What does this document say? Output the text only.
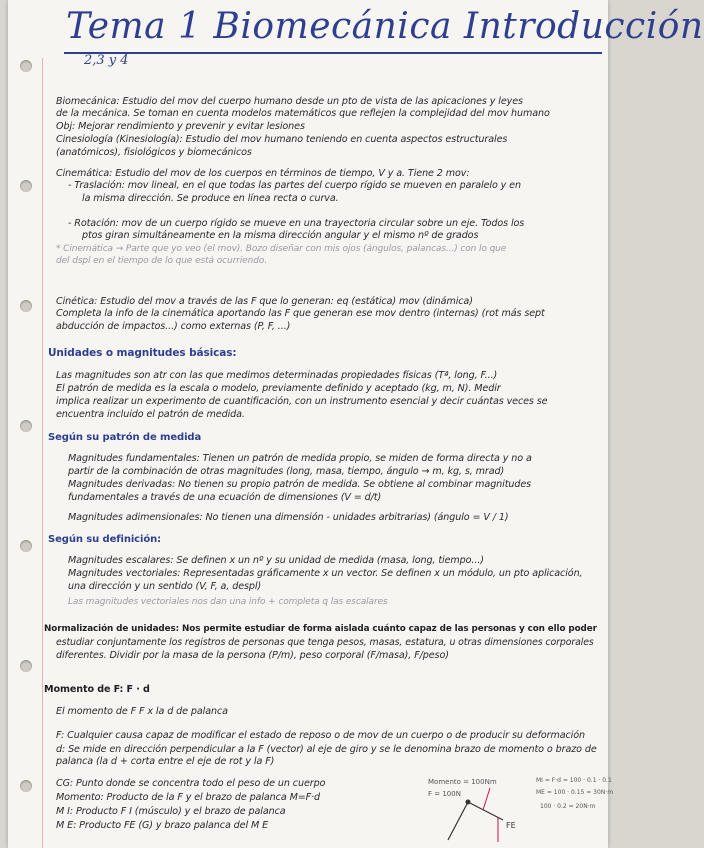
Tema 1 Biomecánica Introducción
2,3 y 4
Biomecánica: Estudio del mov del cuerpo humano desde un pto de vista de las apicaciones y leyes
de la mecánica. Se toman en cuenta modelos matemáticos que reflejen la complejidad del mov humano
Obj: Mejorar rendimiento y prevenir y evitar lesiones
Cinesiología (Kinesiología): Estudio del mov humano teniendo en cuenta aspectos estructurales
(anatómicos), fisiológicos y biomecánicos
Cinemática: Estudio del mov de los cuerpos en términos de tiempo, V y a. Tiene 2 mov:
- Traslación: mov lineal, en el que todas las partes del cuerpo rígido se mueven en paralelo y en
la misma dirección. Se produce en línea recta o curva.
- Rotación: mov de un cuerpo rígido se mueve en una trayectoria circular sobre un eje. Todos los
ptos giran simultáneamente en la misma dirección angular y el mismo nº de grados
* Cinemática → Parte que yo veo (el mov). Bozo diseñar con mis ojos (ángulos, palancas...) con lo que
del dspl en el tiempo de lo que está ocurriendo.
Cinética: Estudio del mov a través de las F que lo generan: eq (estática) mov (dinámica)
Completa la info de la cinemática aportando las F que generan ese mov dentro (internas) (rot más sept
abducción de impactos...) como externas (P, F, ...)
Unidades o magnitudes básicas:
Las magnitudes son atr con las que medimos determinadas propiedades físicas (Tª, long, F...)
El patrón de medida es la escala o modelo, previamente definido y aceptado (kg, m, N). Medir
implica realizar un experimento de cuantificación, con un instrumento esencial y decir cuántas veces se
encuentra incluido el patrón de medida.
Según su patrón de medida
Magnitudes fundamentales: Tienen un patrón de medida propio, se miden de forma directa y no a
partir de la combinación de otras magnitudes (long, masa, tiempo, ángulo → m, kg, s, mrad)
Magnitudes derivadas: No tienen su propio patrón de medida. Se obtiene al combinar magnitudes
fundamentales a través de una ecuación de dimensiones (V = d/t)
Magnitudes adimensionales: No tienen una dimensión - unidades arbitrarias) (ángulo = V / 1)
Según su definición:
Magnitudes escalares: Se definen x un nº y su unidad de medida (masa, long, tiempo...)
Magnitudes vectoriales: Representadas gráficamente x un vector. Se definen x un módulo, un pto aplicación,
una dirección y un sentido (V, F, a, despl)
Las magnitudes vectoriales nos dan una info + completa q las escalares
Normalización de unidades: Nos permite estudiar de forma aislada cuánto capaz de las personas y con ello poder
estudiar conjuntamente los registros de personas que tenga pesos, masas, estatura, u otras dimensiones corporales
diferentes. Dividir por la masa de la persona (P/m), peso corporal (F/masa), F/peso)
Momento de F: F · d
El momento de F F x la d de palanca
F: Cualquier causa capaz de modificar el estado de reposo o de mov de un cuerpo o de producir su deformación
d: Se mide en dirección perpendicular a la F (vector) al eje de giro y se le denomina brazo de momento o brazo de
palanca (la d + corta entre el eje de rot y la F)
CG: Punto donde se concentra todo el peso de un cuerpo
Momento: Producto de la F y el brazo de palanca M=F·d
M I: Producto F I (músculo) y el brazo de palanca
M E: Producto FE (G) y brazo palanca del M E
Momento = 100Nm
F = 100N
MI = F·d = 100 · 0.1 · 0.1
ME = 100 · 0.15 = 30N·m
100 · 0.2 = 20N·m
FE
